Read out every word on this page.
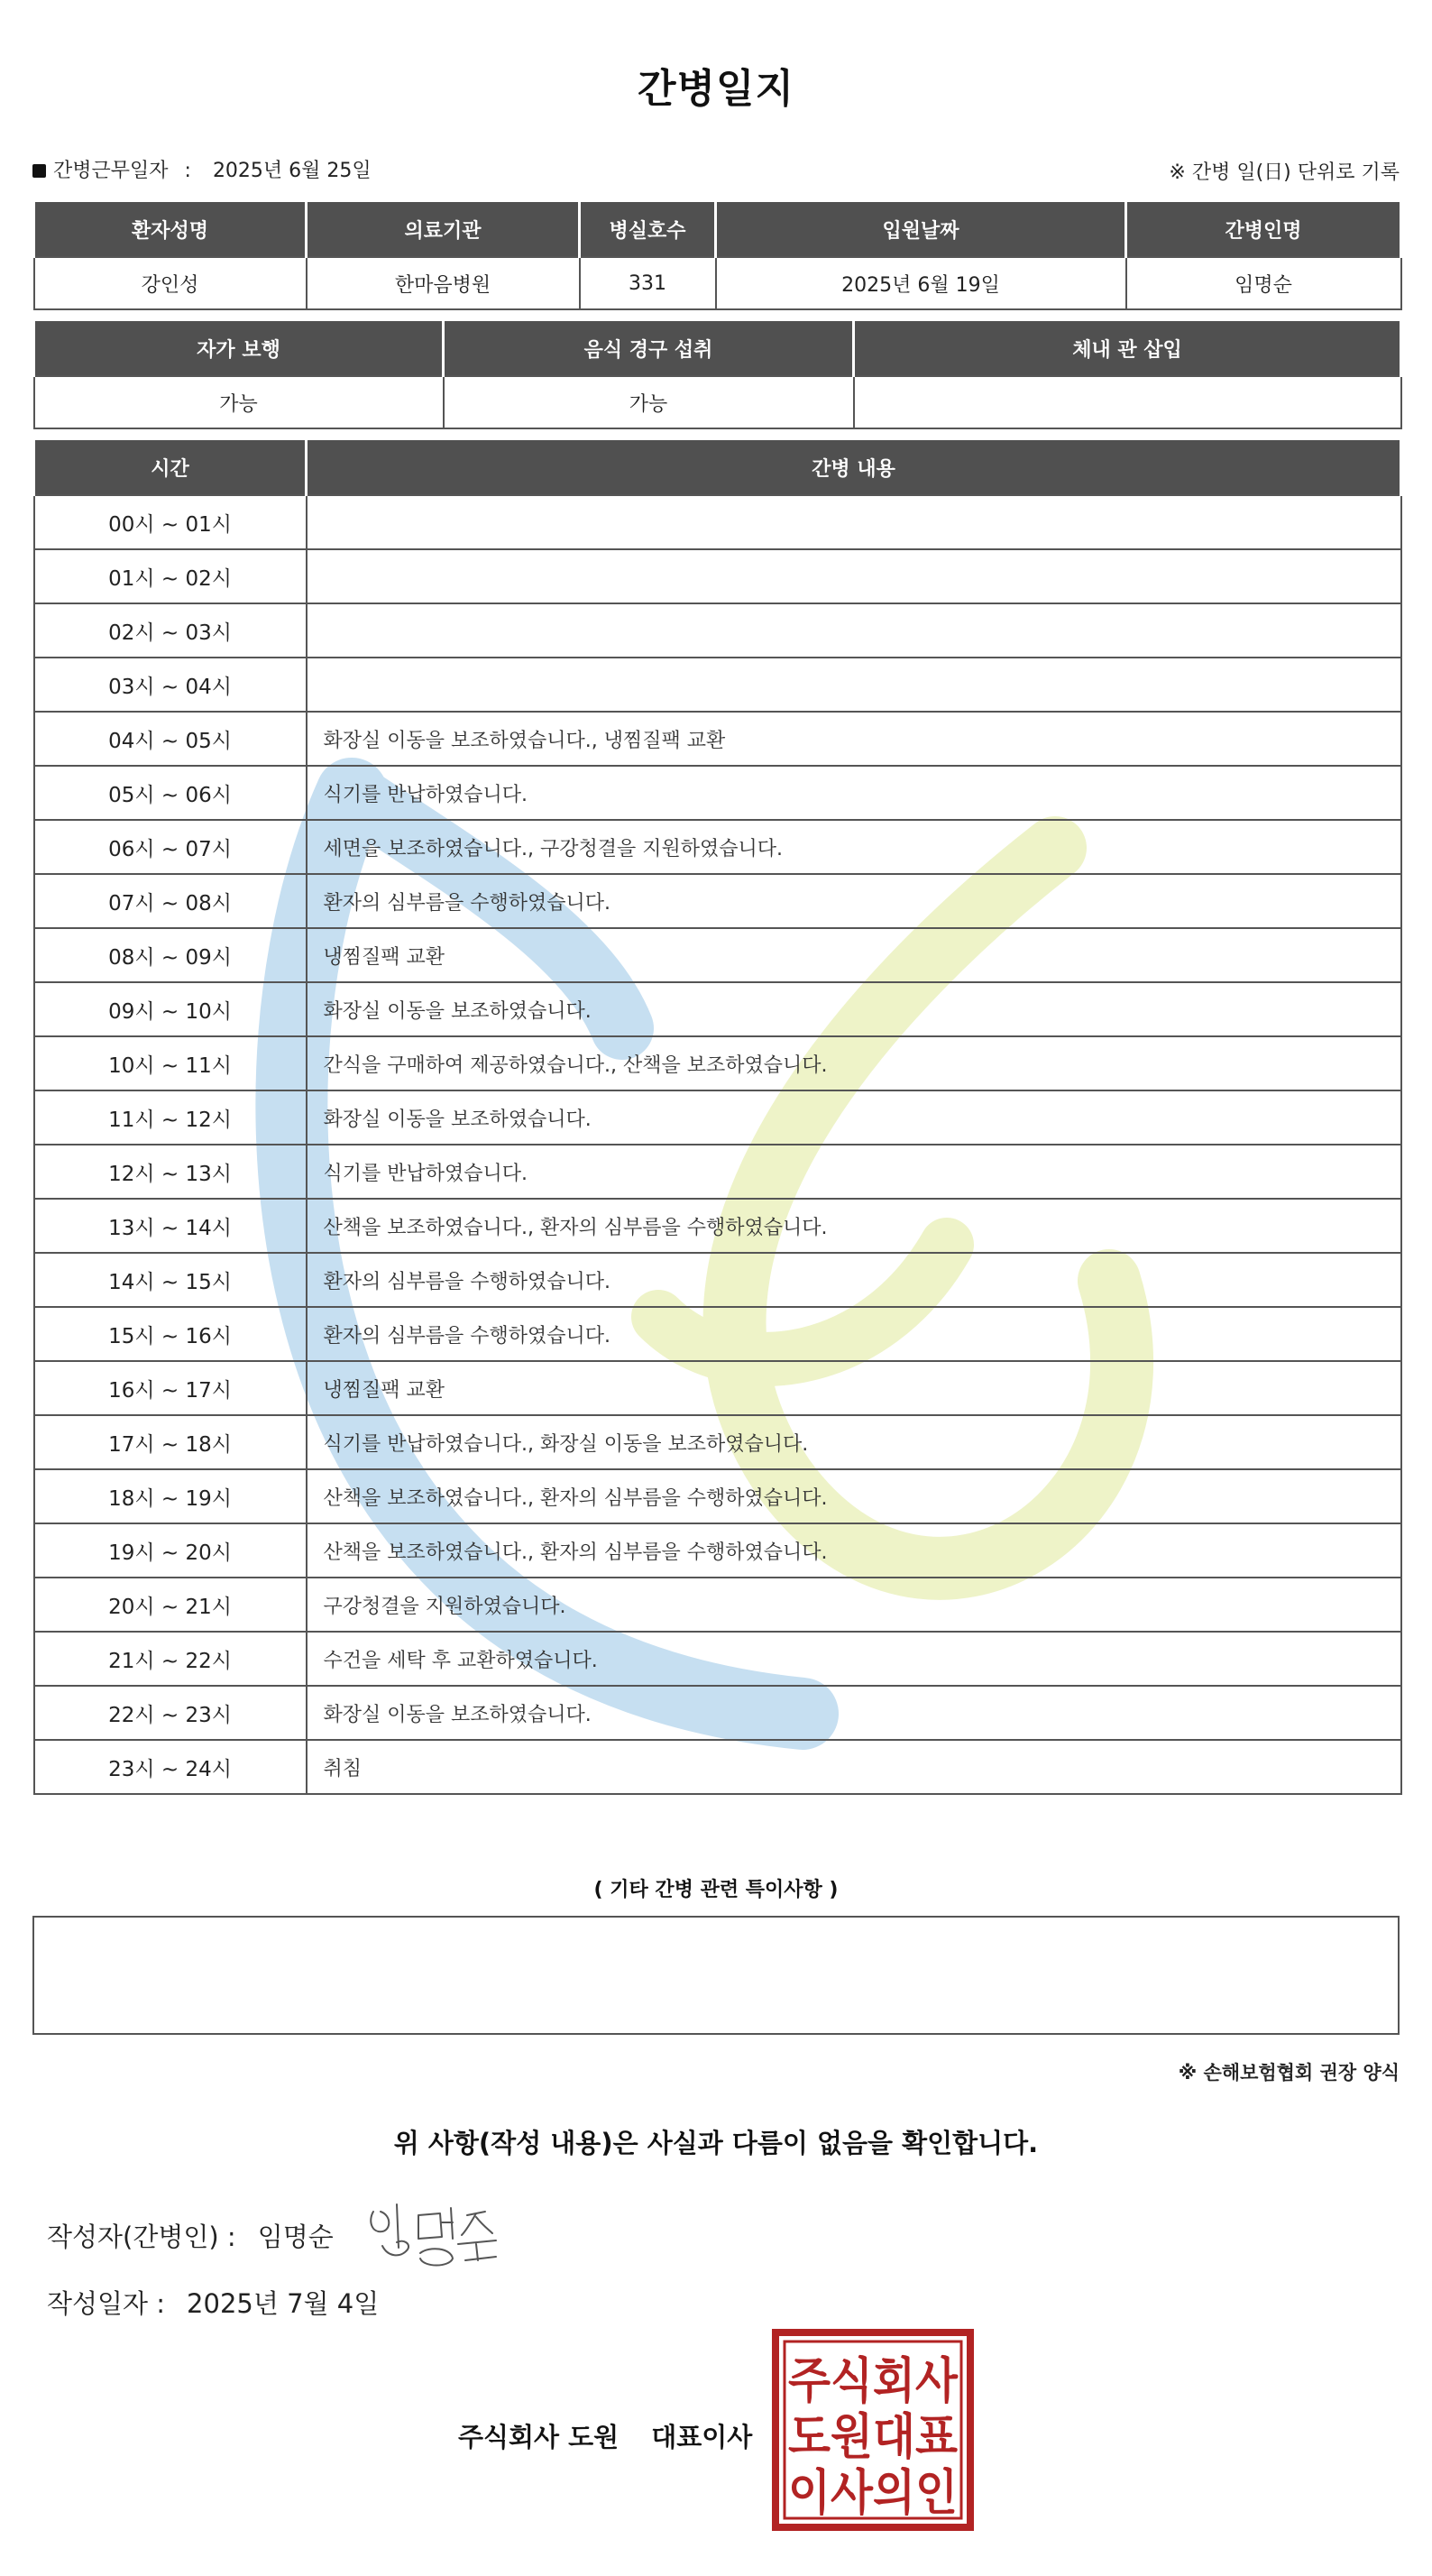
간병일지
간병근무일자 : 2025년 6월 25일	※ 간병 일(日) 단위로 기록
환자성명	의료기관	병실호수	입원날짜	간병인명
강인성	한마음병원	331	2025년 6월 19일	임명순
자가 보행	음식 경구 섭취	체내 관 삽입
가능	가능	
시간	간병 내용
00시 ~ 01시	
01시 ~ 02시	
02시 ~ 03시	
03시 ~ 04시	
04시 ~ 05시	화장실 이동을 보조하였습니다., 냉찜질팩 교환
05시 ~ 06시	식기를 반납하였습니다.
06시 ~ 07시	세면을 보조하였습니다., 구강청결을 지원하였습니다.
07시 ~ 08시	환자의 심부름을 수행하였습니다.
08시 ~ 09시	냉찜질팩 교환
09시 ~ 10시	화장실 이동을 보조하였습니다.
10시 ~ 11시	간식을 구매하여 제공하였습니다., 산책을 보조하였습니다.
11시 ~ 12시	화장실 이동을 보조하였습니다.
12시 ~ 13시	식기를 반납하였습니다.
13시 ~ 14시	산책을 보조하였습니다., 환자의 심부름을 수행하였습니다.
14시 ~ 15시	환자의 심부름을 수행하였습니다.
15시 ~ 16시	환자의 심부름을 수행하였습니다.
16시 ~ 17시	냉찜질팩 교환
17시 ~ 18시	식기를 반납하였습니다., 화장실 이동을 보조하였습니다.
18시 ~ 19시	산책을 보조하였습니다., 환자의 심부름을 수행하였습니다.
19시 ~ 20시	산책을 보조하였습니다., 환자의 심부름을 수행하였습니다.
20시 ~ 21시	구강청결을 지원하였습니다.
21시 ~ 22시	수건을 세탁 후 교환하였습니다.
22시 ~ 23시	화장실 이동을 보조하였습니다.
23시 ~ 24시	취침
( 기타 간병 관련 특이사항 )
※ 손해보험협회 권장 양식
위 사항(작성 내용)은 사실과 다름이 없음을 확인합니다.
작성자(간병인) : 임명순
작성일자 : 2025년 7월 4일
주식회사 도원 대표이사
주식회사
도원대표
이사의인
